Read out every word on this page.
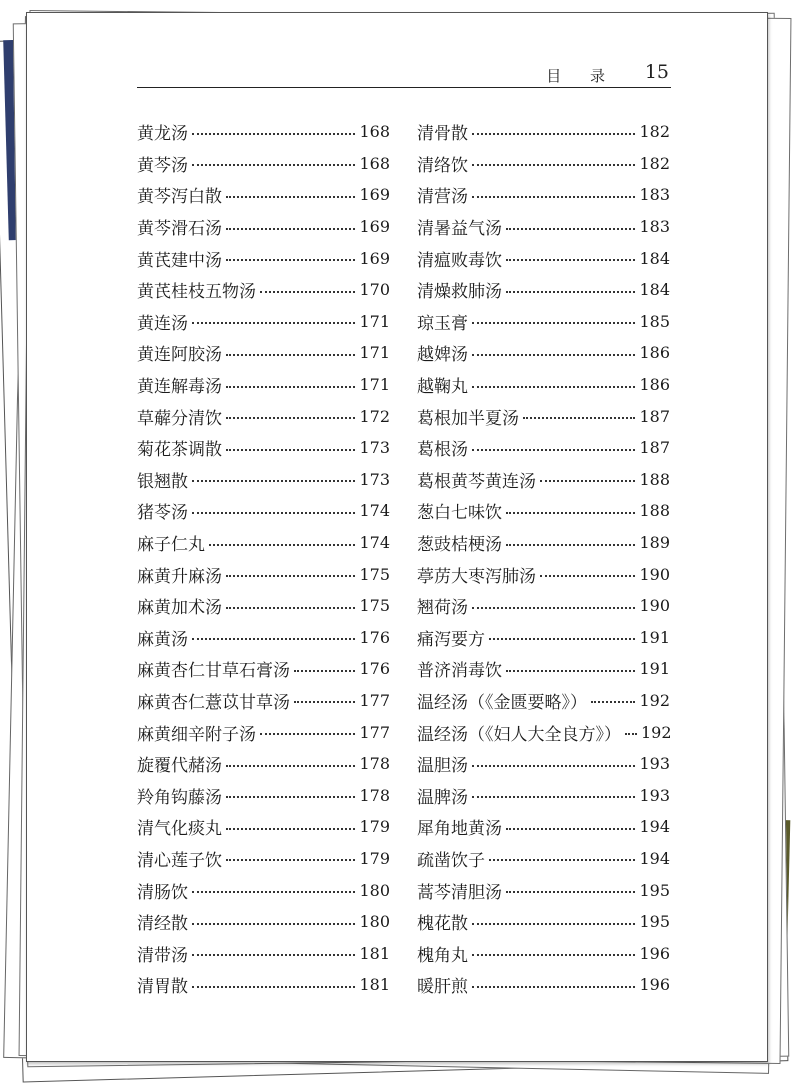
目 录 15
黄龙汤	168
黄芩汤	168
黄芩泻白散	169
黄芩滑石汤	169
黄芪建中汤	169
黄芪桂枝五物汤	170
黄连汤	171
黄连阿胶汤	171
黄连解毒汤	171
草薢分清饮	172
菊花茶调散	173
银翘散	173
猪苓汤	174
麻子仁丸	174
麻黄升麻汤	175
麻黄加术汤	175
麻黄汤	176
麻黄杏仁甘草石膏汤	176
麻黄杏仁薏苡甘草汤	177
麻黄细辛附子汤	177
旋覆代赭汤	178
羚角钩藤汤	178
清气化痰丸	179
清心莲子饮	179
清肠饮	180
清经散	180
清带汤	181
清胃散	181
清骨散	182
清络饮	182
清营汤	183
清暑益气汤	183
清瘟败毒饮	184
清燥救肺汤	184
琼玉膏	185
越婢汤	186
越鞠丸	186
葛根加半夏汤	187
葛根汤	187
葛根黄芩黄连汤	188
葱白七味饮	188
葱豉桔梗汤	189
葶苈大枣泻肺汤	190
翘荷汤	190
痛泻要方	191
普济消毒饮	191
温经汤（《金匮要略》）	192
温经汤（《妇人大全良方》） 192
温胆汤	193
温脾汤	193
犀角地黄汤	194
疏凿饮子	194
蒿芩清胆汤	195
槐花散	195
槐角丸	196
暖肝煎	196
